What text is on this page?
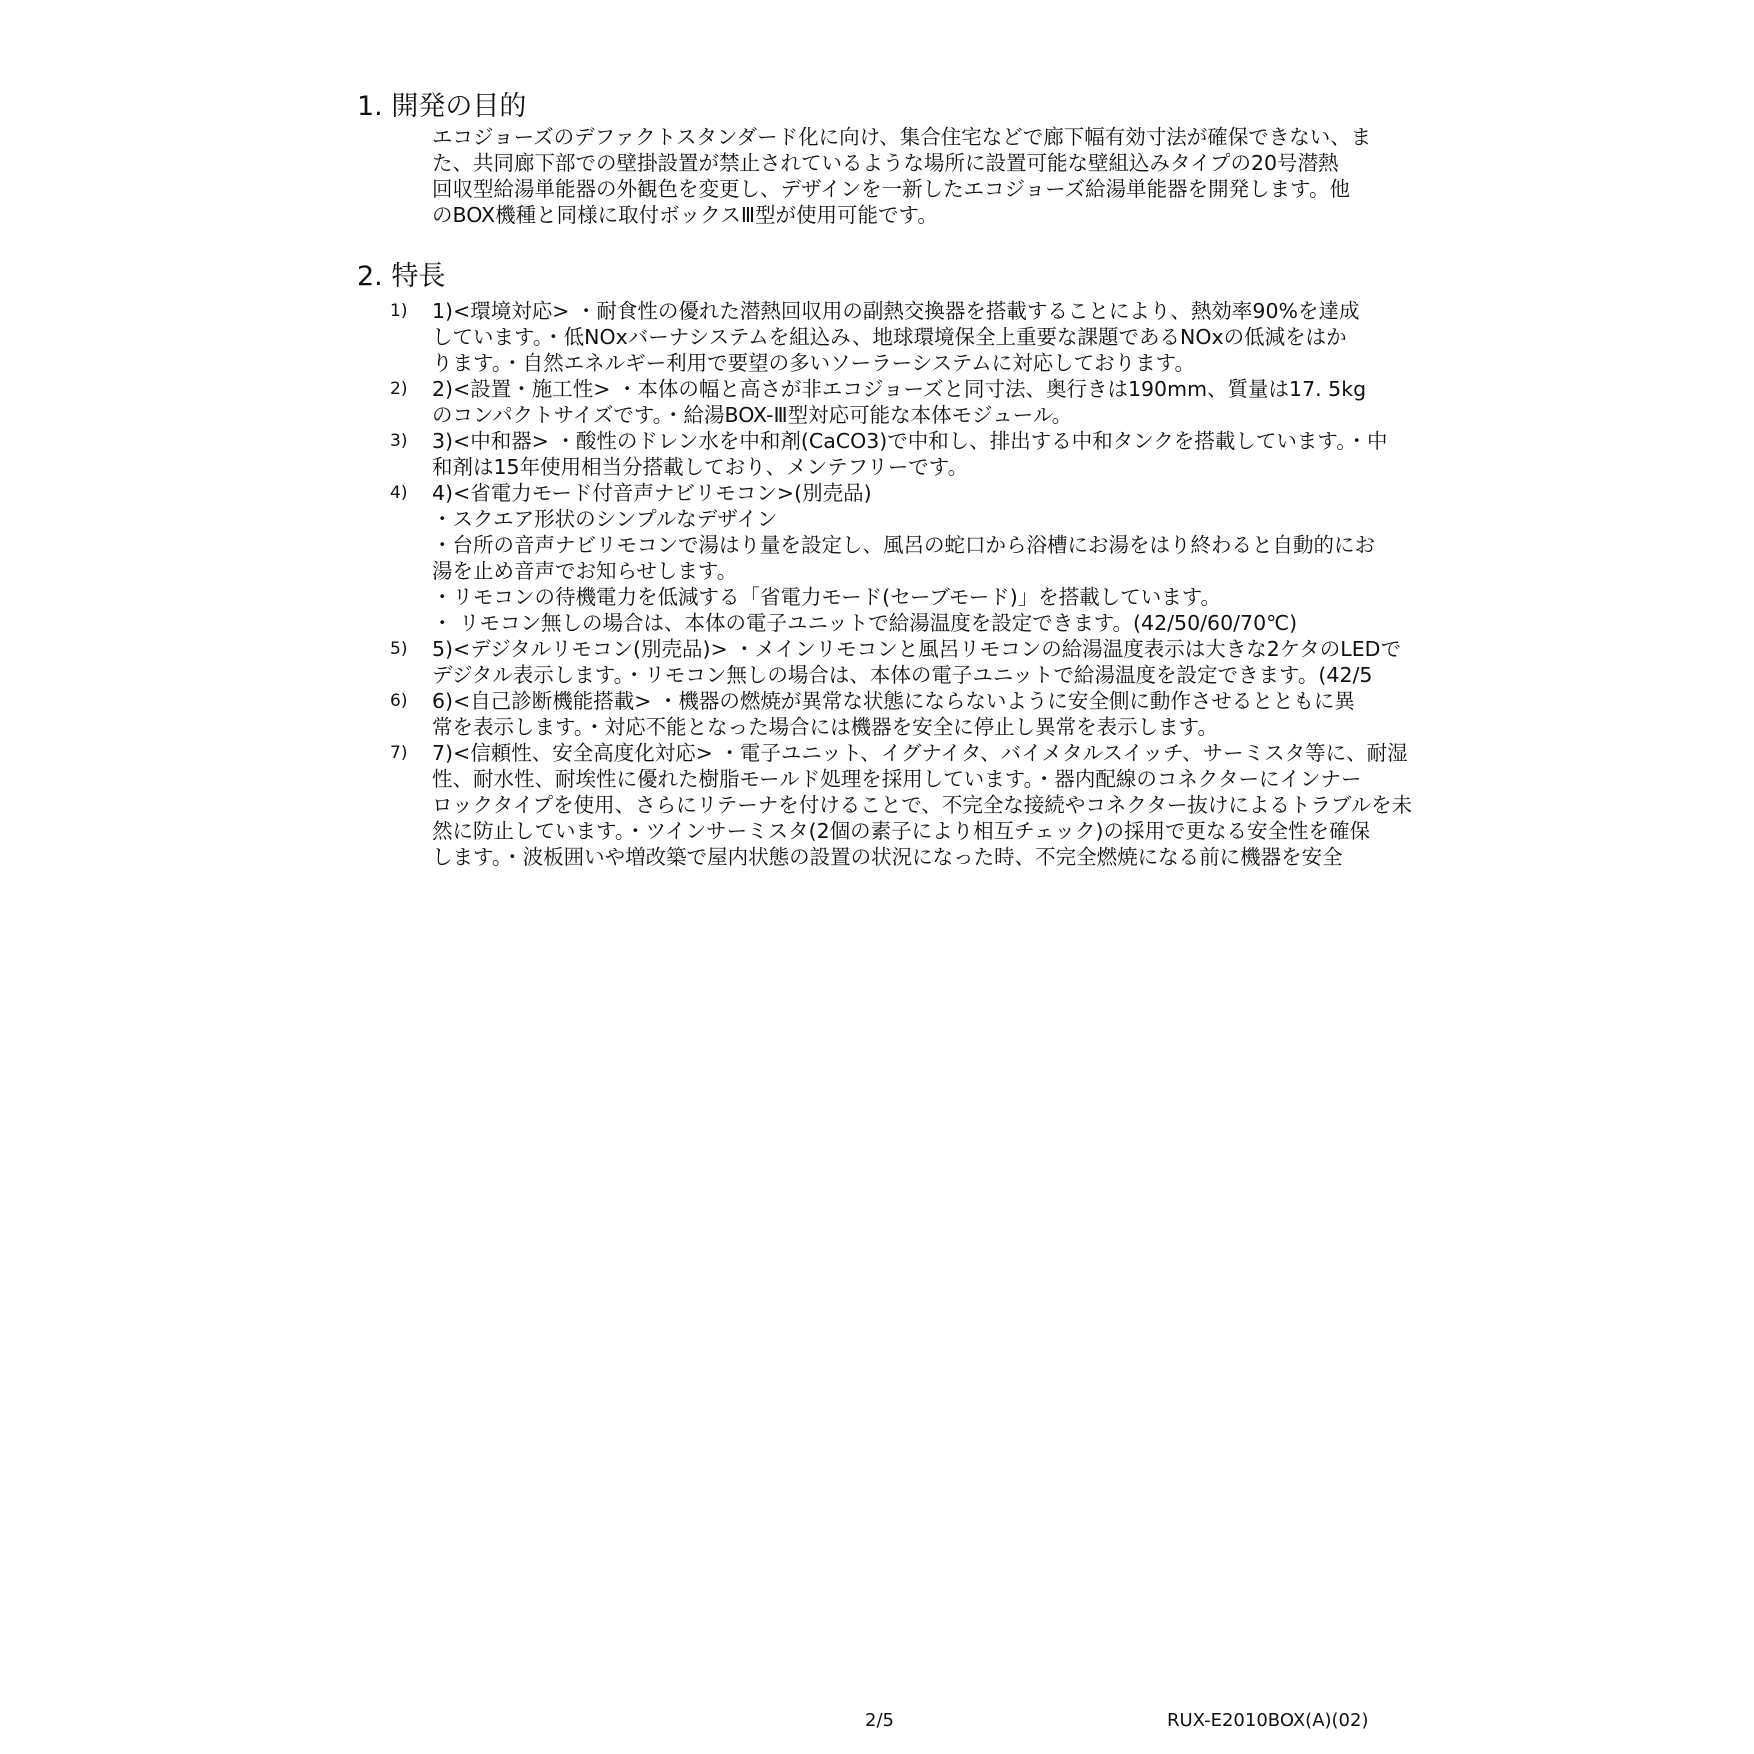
1. 開発の目的
エコジョーズのデファクトスタンダード化に向け、集合住宅などで廊下幅有効寸法が確保できない、ま
た、共同廊下部での壁掛設置が禁止されているような場所に設置可能な壁組込みタイプの20号潜熱
回収型給湯単能器の外観色を変更し、デザインを一新したエコジョーズ給湯単能器を開発します。他
のBOX機種と同様に取付ボックスⅢ型が使用可能です。
2. 特長
1) 1)<環境対応> ・耐食性の優れた潜熱回収用の副熱交換器を搭載することにより、熱効率90%を達成
しています。・低NOxバーナシステムを組込み、地球環境保全上重要な課題であるNOxの低減をはか
ります。・自然エネルギー利用で要望の多いソーラーシステムに対応しております。
2) 2)<設置・施工性> ・本体の幅と高さが非エコジョーズと同寸法、奥行きは190mm、質量は17. 5kg
のコンパクトサイズです。・給湯BOX-Ⅲ型対応可能な本体モジュール。
3) 3)<中和器> ・酸性のドレン水を中和剤(CaCO3)で中和し、排出する中和タンクを搭載しています。・中
和剤は15年使用相当分搭載しており、メンテフリーです。
4) 4)<省電力モード付音声ナビリモコン>(別売品)
・スクエア形状のシンプルなデザイン
・台所の音声ナビリモコンで湯はり量を設定し、風呂の蛇口から浴槽にお湯をはり終わると自動的にお
湯を止め音声でお知らせします。
・リモコンの待機電力を低減する「省電力モード(セーブモード)」を搭載しています。
・ リモコン無しの場合は、本体の電子ユニットで給湯温度を設定できます。(42/50/60/70℃)
5) 5)<デジタルリモコン(別売品)> ・メインリモコンと風呂リモコンの給湯温度表示は大きな2ケタのLEDで
デジタル表示します。・リモコン無しの場合は、本体の電子ユニットで給湯温度を設定できます。(42/5
6) 6)<自己診断機能搭載> ・機器の燃焼が異常な状態にならないように安全側に動作させるとともに異
常を表示します。・対応不能となった場合には機器を安全に停止し異常を表示します。
7) 7)<信頼性、安全高度化対応> ・電子ユニット、イグナイタ、バイメタルスイッチ、サーミスタ等に、耐湿
性、耐水性、耐埃性に優れた樹脂モールド処理を採用しています。・器内配線のコネクターにインナー
ロックタイプを使用、さらにリテーナを付けることで、不完全な接続やコネクター抜けによるトラブルを未
然に防止しています。・ツインサーミスタ(2個の素子により相互チェック)の採用で更なる安全性を確保
します。・波板囲いや増改築で屋内状態の設置の状況になった時、不完全燃焼になる前に機器を安全
2/5	RUX-E2010BOX(A)(02)
